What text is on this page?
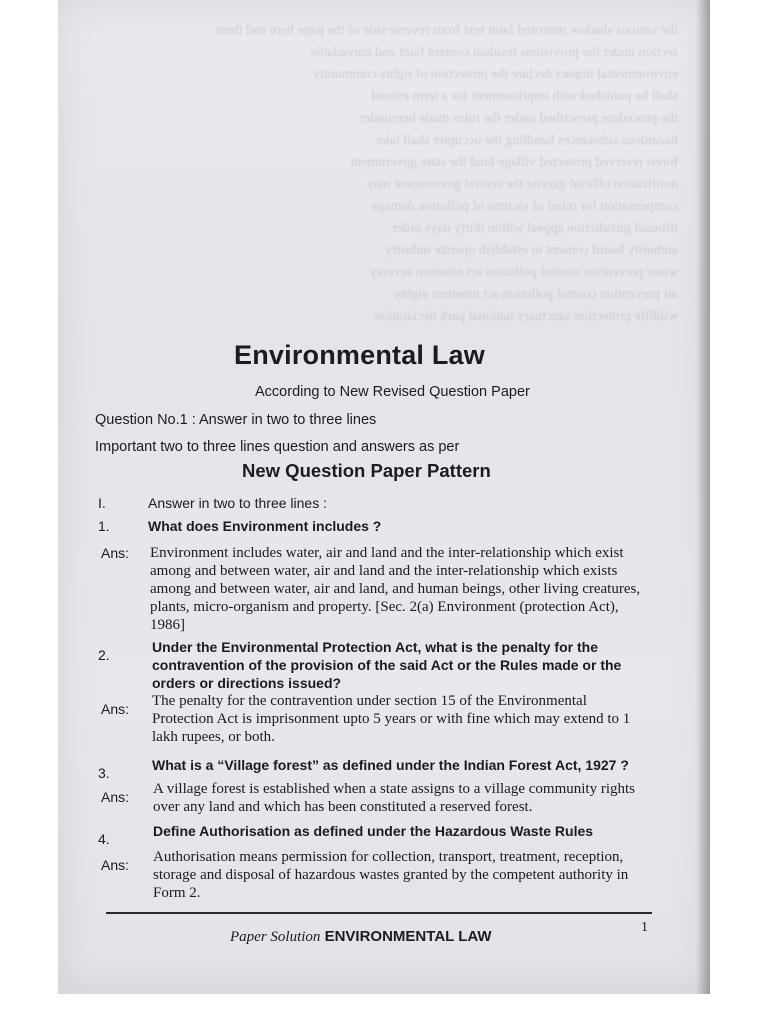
the various shadow mirrored faint text from reverse side of the page here and there
section under the provisions residual content faint and unreadable
environmental impact declare the protection of rights community
shall be punished with imprisonment for a term extend
the procedure prescribed under the rules made hereunder
hazardous substances handling the occupier shall take
forest reserved protected village land the state government
notification official gazette the central government may
compensation for relief of victims of pollution damage
tribunal jurisdiction appeal within thirty days order
authority board consent to establish operate industry
water prevention control pollution act nineteen seventy
air prevention control pollution act nineteen eighty
wildlife protection sanctuary national park declaration
Environmental Law
According to New Revised Question Paper
Question No.1 : Answer in two to three lines
Important two to three lines question and answers as per
New Question Paper Pattern
I.	Answer in two to three lines :
1.	What does Environment includes ?
Ans: Environment includes water, air and land and the inter-relationship which exist among and between water, air and land and the inter-relationship which exists among and between water, air and land, and human beings, other living creatures, plants, micro-organism and property. [Sec. 2(a) Environment (protection Act), 1986]
2.	Under the Environmental Protection Act, what is the penalty for the contravention of the provision of the said Act or the Rules made or the orders or directions issued?
Ans: The penalty for the contravention under section 15 of the Environmental Protection Act is imprisonment upto 5 years or with fine which may extend to 1 lakh rupees, or both.
3.	What is a “Village forest” as defined under the Indian Forest Act, 1927 ?
Ans: A village forest is established when a state assigns to a village community rights over any land and which has been constituted a reserved forest.
4.	Define Authorisation as defined under the Hazardous Waste Rules
Ans: Authorisation means permission for collection, transport, treatment, reception, storage and disposal of hazardous wastes granted by the competent authority in Form 2.
Paper Solution ENVIRONMENTAL LAW
1
